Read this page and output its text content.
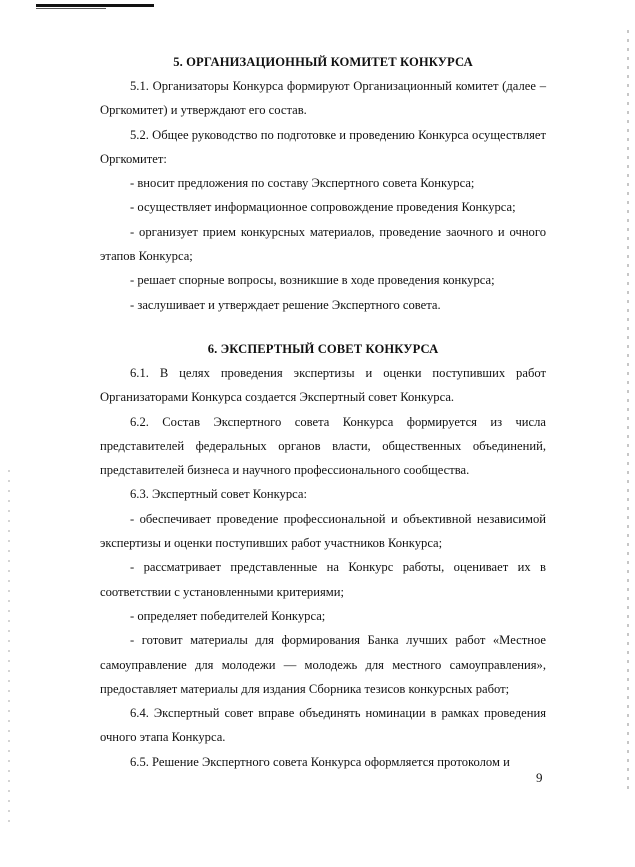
5. ОРГАНИЗАЦИОННЫЙ КОМИТЕТ КОНКУРСА

5.1. Организаторы Конкурса формируют Организационный комитет (далее – Оргкомитет) и утверждают его состав.

5.2. Общее руководство по подготовке и проведению Конкурса осуществляет Оргкомитет:

- вносит предложения по составу Экспертного совета Конкурса;

- осуществляет информационное сопровождение проведения Конкурса;

- организует прием конкурсных материалов, проведение заочного и очного этапов Конкурса;

- решает спорные вопросы, возникшие в ходе проведения конкурса;

- заслушивает и утверждает решение Экспертного совета.

6. ЭКСПЕРТНЫЙ СОВЕТ КОНКУРСА

6.1. В целях проведения экспертизы и оценки поступивших работ Организаторами Конкурса создается Экспертный совет Конкурса.

6.2. Состав Экспертного совета Конкурса формируется из числа представителей федеральных органов власти, общественных объединений, представителей бизнеса и научного профессионального сообщества.

6.3. Экспертный совет Конкурса:

- обеспечивает проведение профессиональной и объективной независимой экспертизы и оценки поступивших работ участников Конкурса;

- рассматривает представленные на Конкурс работы, оценивает их в соответствии с установленными критериями;

- определяет победителей Конкурса;

- готовит материалы для формирования Банка лучших работ «Местное самоуправление для молодежи — молодежь для местного самоуправления», предоставляет материалы для издания Сборника тезисов конкурсных работ;

6.4. Экспертный совет вправе объединять номинации в рамках проведения очного этапа Конкурса.

6.5. Решение Экспертного совета Конкурса оформляется протоколом и

9
